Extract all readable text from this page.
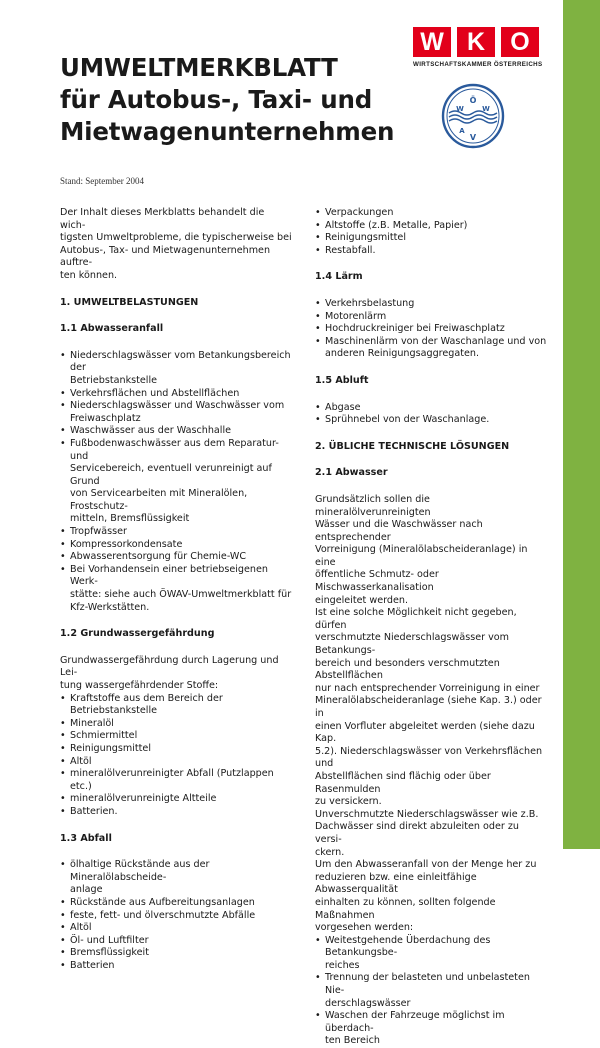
W K	O
WIRTSCHAFTSKAMMER ÖSTERREICHS
Ö
W	W
A
V
UMWELTMERKBLATT
für Autobus-, Taxi- und
Mietwagenunternehmen
Stand: September 2004

Der Inhalt dieses Merkblatts behandelt die wich-
tigsten Umweltprobleme, die typischerweise bei
Autobus-, Tax- und Mietwagenunternehmen auftre-
ten können.

1. UMWELTBELASTUNGEN
1.1 Abwasseranfall
• Niederschlagswässer vom Betankungsbereich der
Betriebstankstelle
• Verkehrsflächen und Abstellflächen
• Niederschlagswässer und Waschwässer vom
Freiwaschplatz
• Waschwässer aus der Waschhalle
• Fußbodenwaschwässer aus dem Reparatur- und
Servicebereich, eventuell verunreinigt auf Grund
von Servicearbeiten mit Mineralölen, Frostschutz-
mitteln, Bremsflüssigkeit
• Tropfwässer
• Kompressorkondensate
• Abwasserentsorgung für Chemie-WC
• Bei Vorhandensein einer betriebseigenen Werk-
stätte: siehe auch ÖWAV-Umweltmerkblatt für
Kfz-Werkstätten.
1.2 Grundwassergefährdung

Grundwassergefährdung durch Lagerung und Lei-
tung wassergefährdender Stoffe:

• Kraftstoffe aus dem Bereich der Betriebstankstelle
• Mineralöl
• Schmiermittel
• Reinigungsmittel
• Altöl
• mineralölverunreinigter Abfall (Putzlappen etc.)
• mineralölverunreinigte Altteile
• Batterien.
1.3 Abfall
• ölhaltige Rückstände aus der Mineralölabscheide-
anlage
• Rückstände aus Aufbereitungsanlagen
• feste, fett- und ölverschmutzte Abfälle
• Altöl
• Öl- und Luftfilter
• Bremsflüssigkeit
• Batterien
• Verpackungen
• Altstoffe (z.B. Metalle, Papier)
• Reinigungsmittel
• Restabfall.
1.4 Lärm
• Verkehrsbelastung
• Motorenlärm
• Hochdruckreiniger bei Freiwaschplatz
• Maschinenlärm von der Waschanlage und von
anderen Reinigungsaggregaten.
1.5 Abluft
• Abgase
• Sprühnebel von der Waschanlage.
2. ÜBLICHE TECHNISCHE LÖSUNGEN
2.1 Abwasser

Grundsätzlich sollen die mineralölverunreinigten
Wässer und die Waschwässer nach entsprechender
Vorreinigung (Mineralölabscheideranlage) in eine
öffentliche Schmutz- oder Mischwasserkanalisation
eingeleitet werden.

Ist eine solche Möglichkeit nicht gegeben, dürfen
verschmutzte Niederschlagswässer vom Betankungs-
bereich und besonders verschmutzten Abstellflächen
nur nach entsprechender Vorreinigung in einer
Mineralölabscheideranlage (siehe Kap. 3.) oder in
einen Vorfluter abgeleitet werden (siehe dazu Kap.
5.2). Niederschlagswässer von Verkehrsflächen und
Abstellflächen sind flächig oder über Rasenmulden
zu versickern.

Unverschmutzte Niederschlagswässer wie z.B.
Dachwässer sind direkt abzuleiten oder zu versi-
ckern.

Um den Abwasseranfall von der Menge her zu
reduzieren bzw. eine einleitfähige Abwasserqualität
einhalten zu können, sollten folgende Maßnahmen
vorgesehen werden:

• Weitestgehende Überdachung des Betankungsbe-
reiches
• Trennung der belasteten und unbelasteten Nie-
derschlagswässer
• Waschen der Fahrzeuge möglichst im überdach-
ten Bereich
